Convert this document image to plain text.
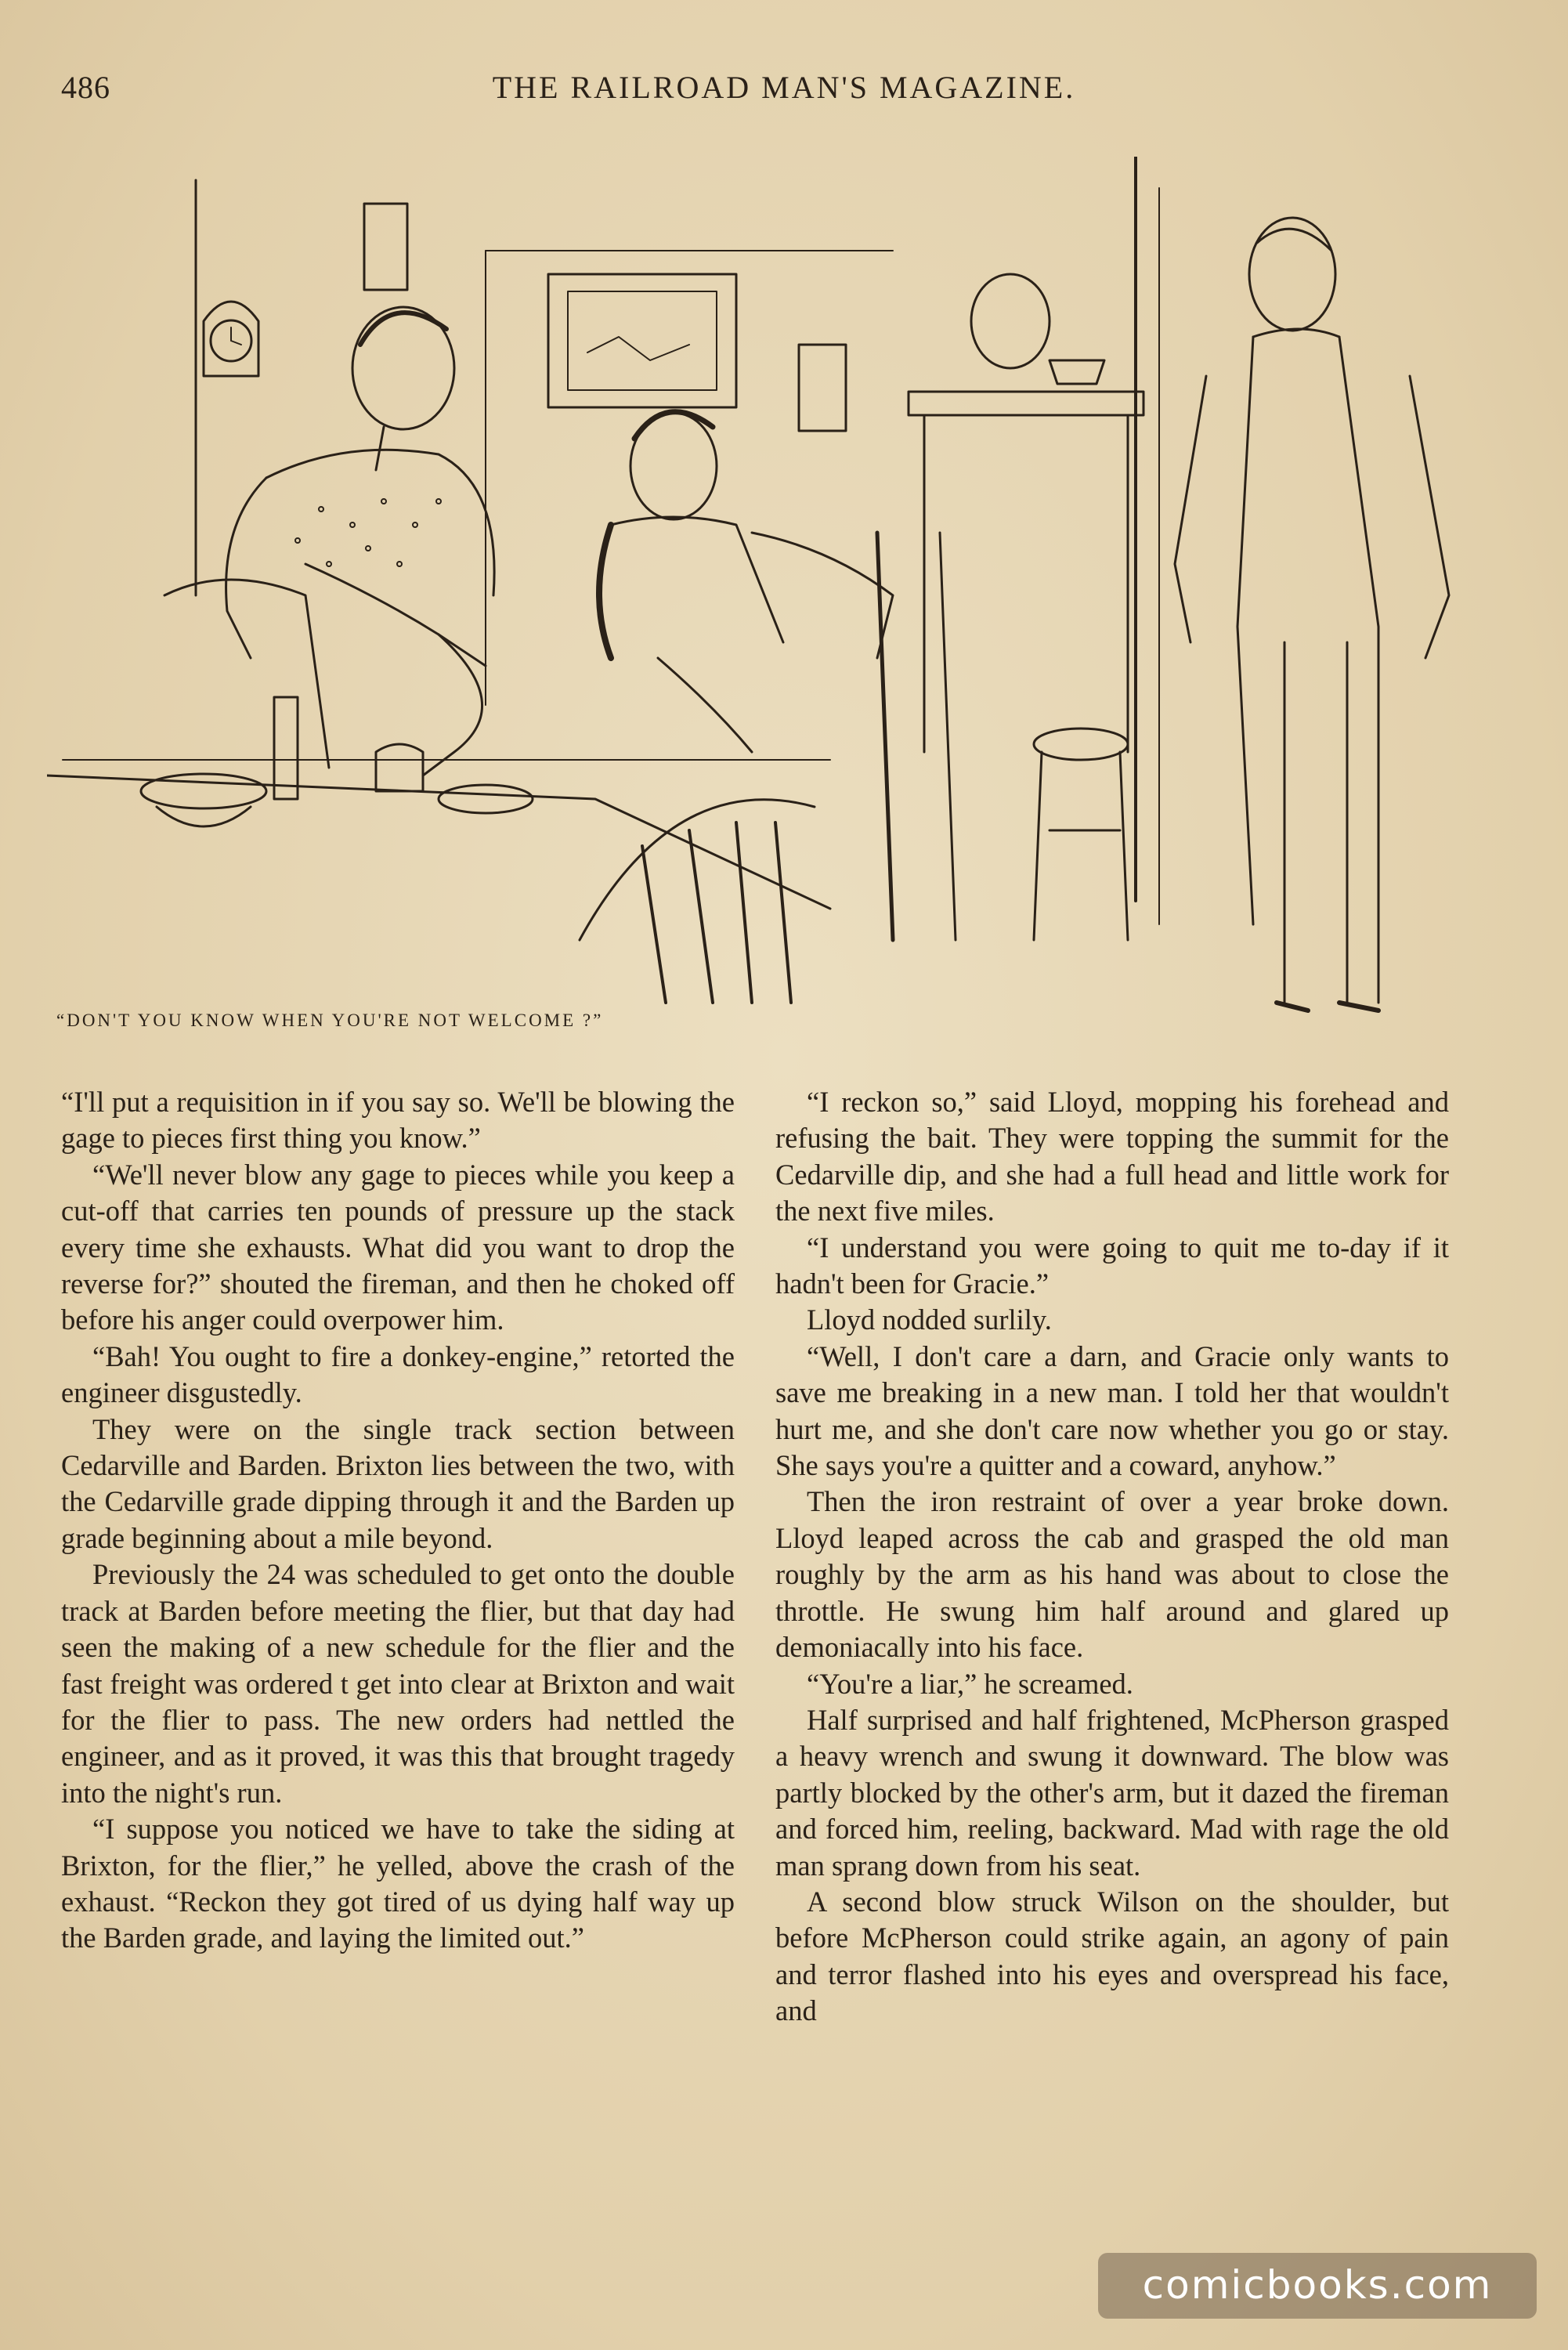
486	THE RAILROAD MAN'S MAGAZINE.
“DON'T YOU KNOW WHEN YOU'RE NOT WELCOME ?”

“I'll put a requisition in if you say so. We'll be blowing the gage to pieces first thing you know.”

“We'll never blow any gage to pieces while you keep a cut-off that carries ten pounds of pressure up the stack every time she exhausts. What did you want to drop the reverse for?” shouted the fireman, and then he choked off before his anger could overpower him.

“Bah! You ought to fire a donkey-engine,” retorted the engineer disgustedly.

They were on the single track section between Cedarville and Barden. Brixton lies between the two, with the Cedarville grade dipping through it and the Barden up grade beginning about a mile beyond.

Previously the 24 was scheduled to get onto the double track at Barden before meeting the flier, but that day had seen the making of a new schedule for the flier and the fast freight was ordered t get into clear at Brixton and wait for the flier to pass. The new orders had nettled the engineer, and as it proved, it was this that brought tragedy into the night's run.

“I suppose you noticed we have to take the siding at Brixton, for the flier,” he yelled, above the crash of the exhaust. “Reckon they got tired of us dying half way up the Barden grade, and laying the limited out.”

“I reckon so,” said Lloyd, mopping his forehead and refusing the bait. They were topping the summit for the Cedarville dip, and she had a full head and little work for the next five miles.

“I understand you were going to quit me to-day if it hadn't been for Gracie.”

Lloyd nodded surlily.

“Well, I don't care a darn, and Gracie only wants to save me breaking in a new man. I told her that wouldn't hurt me, and she don't care now whether you go or stay. She says you're a quitter and a coward, anyhow.”

Then the iron restraint of over a year broke down. Lloyd leaped across the cab and grasped the old man roughly by the arm as his hand was about to close the throttle. He swung him half around and glared up demoniacally into his face.

“You're a liar,” he screamed.

Half surprised and half frightened, McPherson grasped a heavy wrench and swung it downward. The blow was partly blocked by the other's arm, but it dazed the fireman and forced him, reeling, backward. Mad with rage the old man sprang down from his seat.

A second blow struck Wilson on the shoulder, but before McPherson could strike again, an agony of pain and terror flashed into his eyes and overspread his face, and

comicbooks.com
